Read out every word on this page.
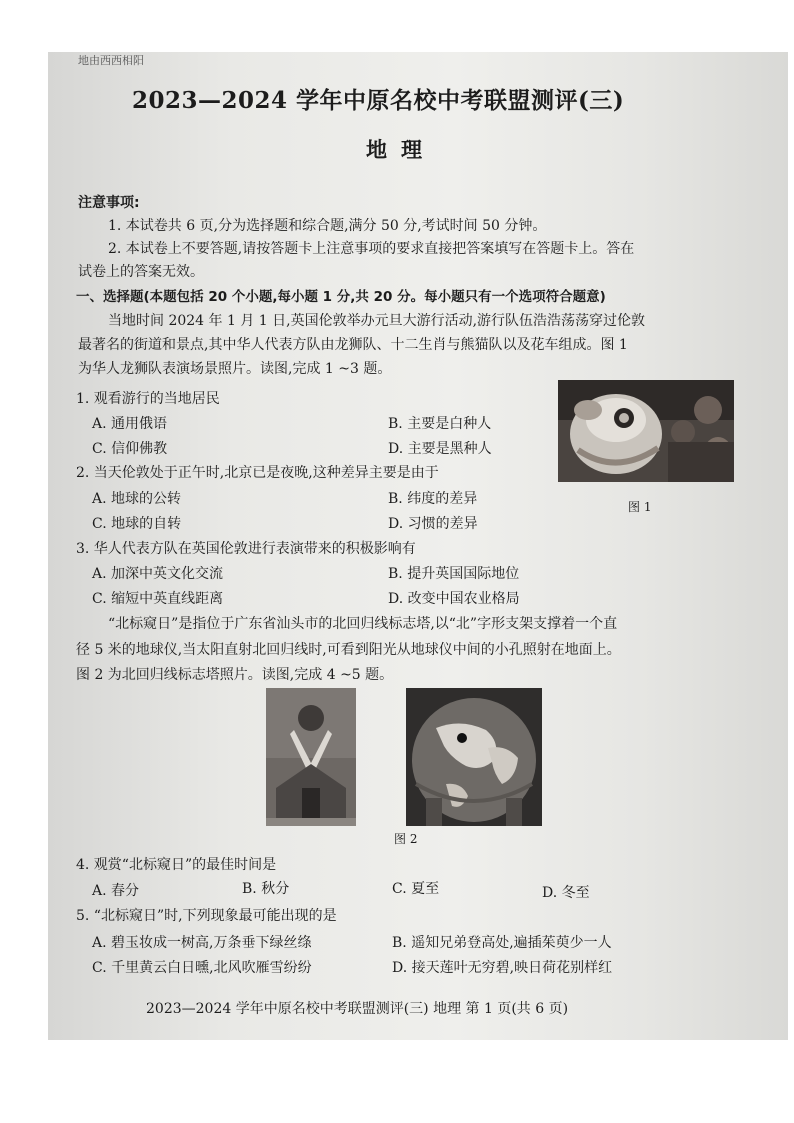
地由西西相阳
2023—2024 学年中原名校中考联盟测评(三)
地理
注意事项:
1. 本试卷共 6 页,分为选择题和综合题,满分 50 分,考试时间 50 分钟。
2. 本试卷上不要答题,请按答题卡上注意事项的要求直接把答案填写在答题卡上。答在
试卷上的答案无效。
一、选择题(本题包括 20 个小题,每小题 1 分,共 20 分。每小题只有一个选项符合题意)
当地时间 2024 年 1 月 1 日,英国伦敦举办元旦大游行活动,游行队伍浩浩荡荡穿过伦敦
最著名的街道和景点,其中华人代表方队由龙狮队、十二生肖与熊猫队以及花车组成。图 1
为华人龙狮队表演场景照片。读图,完成 1 ~3 题。
1. 观看游行的当地居民
A. 通用俄语	B. 主要是白种人
C. 信仰佛教	D. 主要是黑种人
2. 当天伦敦处于正午时,北京已是夜晚,这种差异主要是由于
A. 地球的公转	B. 纬度的差异
C. 地球的自转	D. 习惯的差异
3. 华人代表方队在英国伦敦进行表演带来的积极影响有
A. 加深中英文化交流	B. 提升英国国际地位
C. 缩短中英直线距离	D. 改变中国农业格局
图 1
“北标窥日”是指位于广东省汕头市的北回归线标志塔,以“北”字形支架支撑着一个直
径 5 米的地球仪,当太阳直射北回归线时,可看到阳光从地球仪中间的小孔照射在地面上。
图 2 为北回归线标志塔照片。读图,完成 4 ~5 题。
图 2
4. 观赏“北标窥日”的最佳时间是
A. 春分	B. 秋分	C. 夏至	D. 冬至
5. “北标窥日”时,下列现象最可能出现的是
A. 碧玉妆成一树高,万条垂下绿丝绦	B. 遥知兄弟登高处,遍插茱萸少一人
C. 千里黄云白日曛,北风吹雁雪纷纷	D. 接天莲叶无穷碧,映日荷花别样红
2023—2024 学年中原名校中考联盟测评(三) 地理 第 1 页(共 6 页)
